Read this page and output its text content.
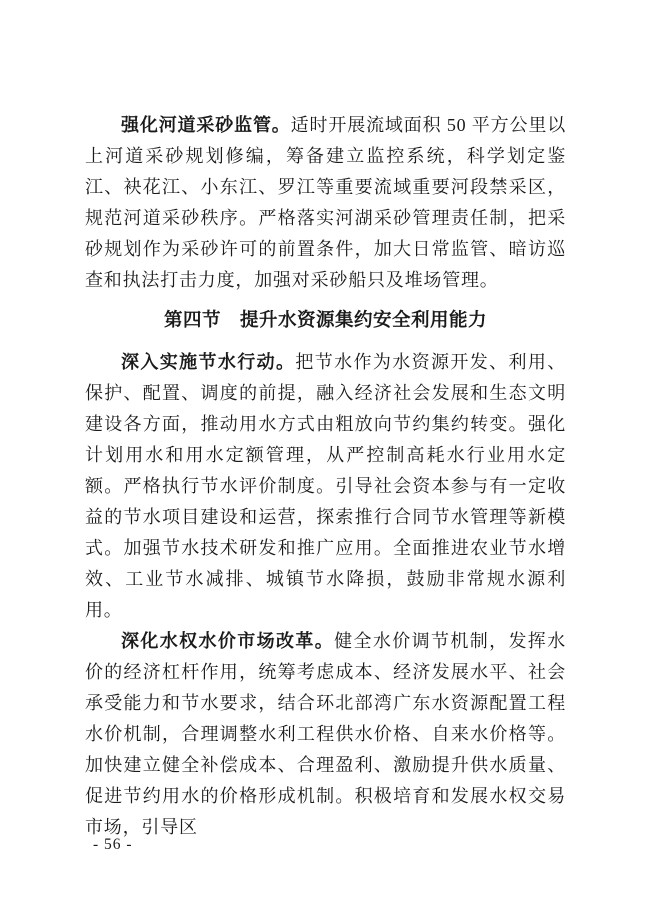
强化河道采砂监管。适时开展流域面积 50 平方公里以上河道采砂规划修编，筹备建立监控系统，科学划定鉴江、袂花江、小东江、罗江等重要流域重要河段禁采区，规范河道采砂秩序。严格落实河湖采砂管理责任制，把采砂规划作为采砂许可的前置条件，加大日常监管、暗访巡查和执法打击力度，加强对采砂船只及堆场管理。

第四节　提升水资源集约安全利用能力

深入实施节水行动。把节水作为水资源开发、利用、保护、配置、调度的前提，融入经济社会发展和生态文明建设各方面，推动用水方式由粗放向节约集约转变。强化计划用水和用水定额管理，从严控制高耗水行业用水定额。严格执行节水评价制度。引导社会资本参与有一定收益的节水项目建设和运营，探索推行合同节水管理等新模式。加强节水技术研发和推广应用。全面推进农业节水增效、工业节水减排、城镇节水降损，鼓励非常规水源利用。

深化水权水价市场改革。健全水价调节机制，发挥水价的经济杠杆作用，统筹考虑成本、经济发展水平、社会承受能力和节水要求，结合环北部湾广东水资源配置工程水价机制，合理调整水利工程供水价格、自来水价格等。加快建立健全补偿成本、合理盈利、激励提升供水质量、促进节约用水的价格形成机制。积极培育和发展水权交易市场，引导区

- 56 -
